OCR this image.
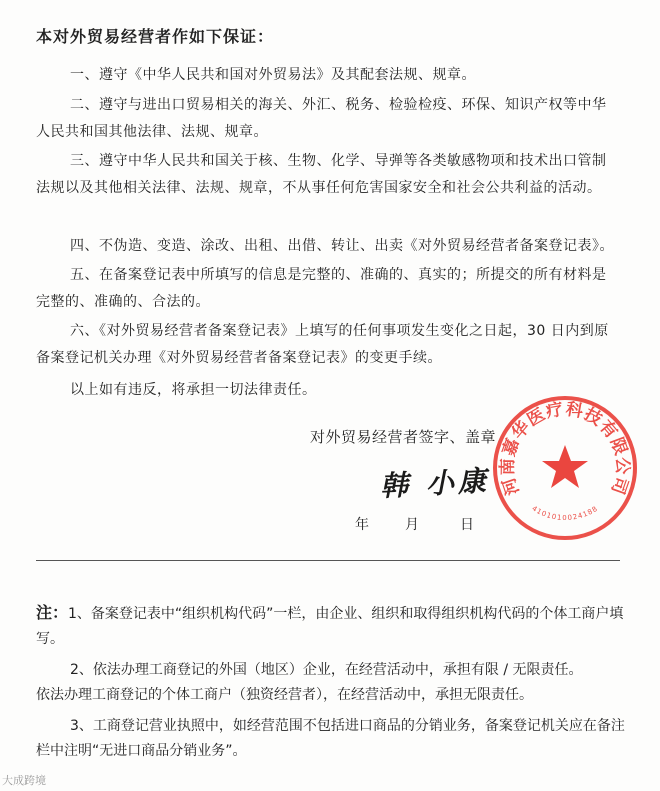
本对外贸易经营者作如下保证：
一、遵守《中华人民共和国对外贸易法》及其配套法规、规章。
二、遵守与进出口贸易相关的海关、外汇、税务、检验检疫、环保、知识产权等中华人民共和国其他法律、法规、规章。
三、遵守中华人民共和国关于核、生物、化学、导弹等各类敏感物项和技术出口管制法规以及其他相关法律、法规、规章，不从事任何危害国家安全和社会公共利益的活动。
四、不伪造、变造、涂改、出租、出借、转让、出卖《对外贸易经营者备案登记表》。
五、在备案登记表中所填写的信息是完整的、准确的、真实的；所提交的所有材料是完整的、准确的、合法的。
六、《对外贸易经营者备案登记表》上填写的任何事项发生变化之日起，30 日内到原备案登记机关办理《对外贸易经营者备案登记表》的变更手续。
以上如有违反，将承担一切法律责任。
对外贸易经营者签字、盖章
韩 小康
年	月	日
河南嘉华医疗科技有限公司
4101010024188
注：1、备案登记表中“组织机构代码”一栏，由企业、组织和取得组织机构代码的个体工商户填写。
2、依法办理工商登记的外国（地区）企业，在经营活动中，承担有限 / 无限责任。
依法办理工商登记的个体工商户（独资经营者），在经营活动中，承担无限责任。
3、工商登记营业执照中，如经营范围不包括进口商品的分销业务，备案登记机关应在备注栏中注明“无进口商品分销业务”。
大成跨境
